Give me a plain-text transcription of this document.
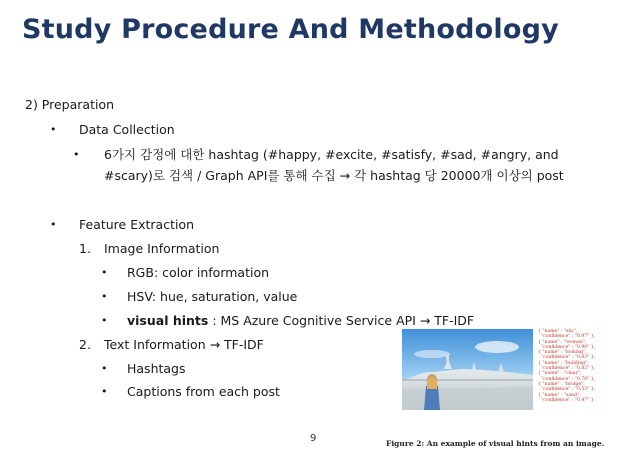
Study Procedure And Methodology
2) Preparation
• Data Collection
• 6가지 감정에 대한 hashtag (#happy, #excite, #satisfy, #sad, #angry, and
#scary)로 검색 / Graph API를 통해 수집 → 각 hashtag 당 20000개 이상의 post
• Feature Extraction
1. Image Information
• RGB: color information
• HSV: hue, saturation, value
• visual hints : MS Azure Cognitive Service API → TF-IDF
2. Text Information → TF-IDF
• Hashtags
• Captions from each post
{ "name" : "sky",
"confidence" : "0.97" },
{ "name" : "woman",
"confidence" : "0.90" },
{ "name" : "looking",
"confidence" : "0.83" },
{ "name" : "building",
"confidence" : "0.82" },
{ "name" : "clear",
"confidence" : "0.76" },
{ "name" : "bridge",
"confidence" : "0.53" },
{ "name" : "sand",
"confidence" : "0.47" }
9	Figure 2: An example of visual hints from an image.
